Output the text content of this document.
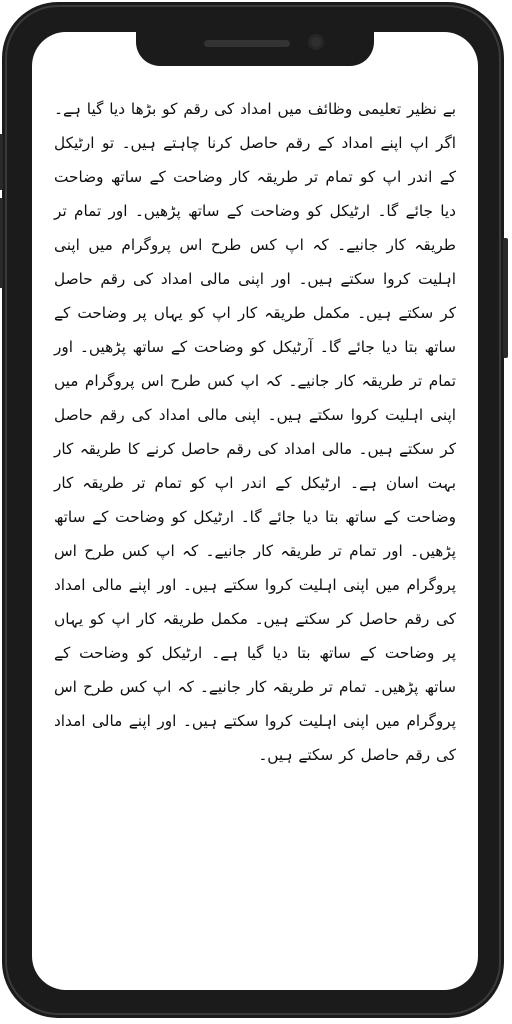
بے نظیر تعلیمی وظائف میں امداد کی رقم کو بڑھا دیا گیا ہے۔ اگر اپ اپنے امداد کے رقم حاصل کرنا چاہتے ہیں۔ تو ارٹیکل کے اندر اپ کو تمام تر طریقہ کار وضاحت کے ساتھ وضاحت دیا جائے گا۔ ارٹیکل کو وضاحت کے ساتھ پڑھیں۔ اور تمام تر طریقہ کار جانیے۔ کہ اپ کس طرح اس پروگرام میں اپنی اہلیت کروا سکتے ہیں۔ اور اپنی مالی امداد کی رقم حاصل کر سکتے ہیں۔ مکمل طریقہ کار اپ کو یہاں پر وضاحت کے ساتھ بتا دیا جائے گا۔ آرٹیکل کو وضاحت کے ساتھ پڑھیں۔ اور تمام تر طریقہ کار جانیے۔ کہ اپ کس طرح اس پروگرام میں اپنی اہلیت کروا سکتے ہیں۔ اپنی مالی امداد کی رقم حاصل کر سکتے ہیں۔ مالی امداد کی رقم حاصل کرنے کا طریقہ کار بہت اسان ہے۔ ارٹیکل کے اندر اپ کو تمام تر طریقہ کار وضاحت کے ساتھ بتا دیا جائے گا۔ ارٹیکل کو وضاحت کے ساتھ پڑھیں۔ اور تمام تر طریقہ کار جانیے۔ کہ اپ کس طرح اس پروگرام میں اپنی اہلیت کروا سکتے ہیں۔ اور اپنے مالی امداد کی رقم حاصل کر سکتے ہیں۔ مکمل طریقہ کار اپ کو یہاں پر وضاحت کے ساتھ بتا دیا گیا ہے۔ ارٹیکل کو وضاحت کے ساتھ پڑھیں۔ تمام تر طریقہ کار جانیے۔ کہ اپ کس طرح اس پروگرام میں اپنی اہلیت کروا سکتے ہیں۔ اور اپنے مالی امداد کی رقم حاصل کر سکتے ہیں۔
